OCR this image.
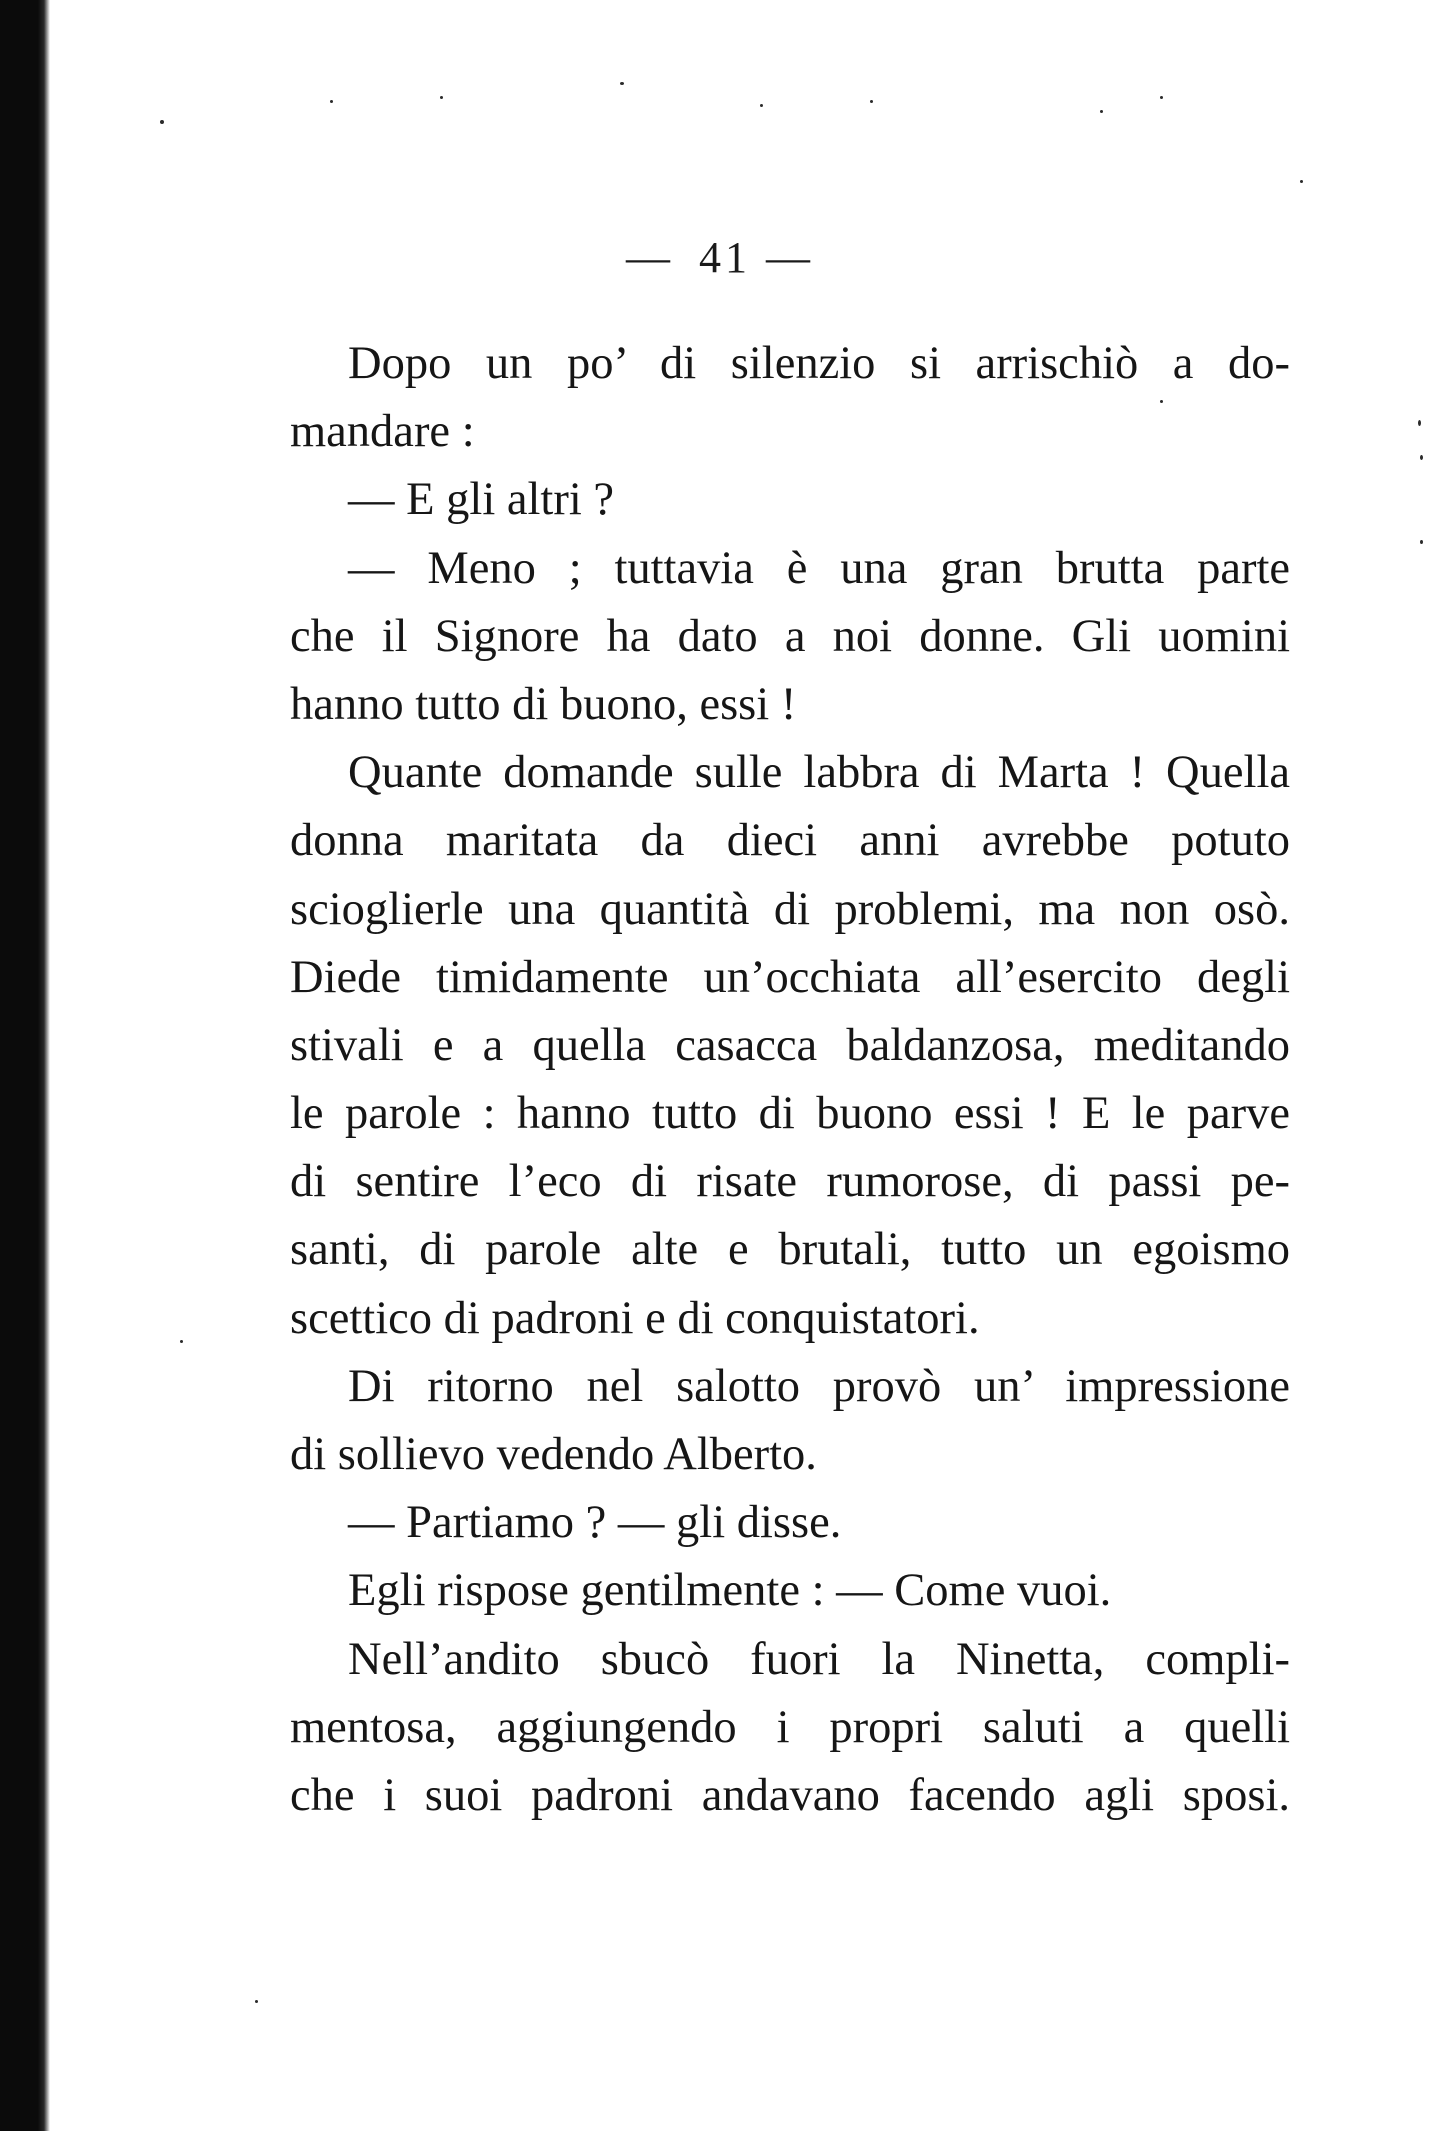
— 41 —
Dopo un po’ di silenzio si arrischiò a do-
mandare :
— E gli altri ?
— Meno ; tuttavia è una gran brutta parte
che il Signore ha dato a noi donne. Gli uomini
hanno tutto di buono, essi !
Quante domande sulle labbra di Marta ! Quella
donna maritata da dieci anni avrebbe potuto
scioglierle una quantità di problemi, ma non osò.
Diede timidamente un’occhiata all’esercito degli
stivali e a quella casacca baldanzosa, meditando
le parole : hanno tutto di buono essi ! E le parve
di sentire l’eco di risate rumorose, di passi pe-
santi, di parole alte e brutali, tutto un egoismo
scettico di padroni e di conquistatori.
Di ritorno nel salotto provò un’ impressione
di sollievo vedendo Alberto.
— Partiamo ? — gli disse.
Egli rispose gentilmente : — Come vuoi.
Nell’andito sbucò fuori la Ninetta, compli-
mentosa, aggiungendo i propri saluti a quelli
che i suoi padroni andavano facendo agli sposi.
